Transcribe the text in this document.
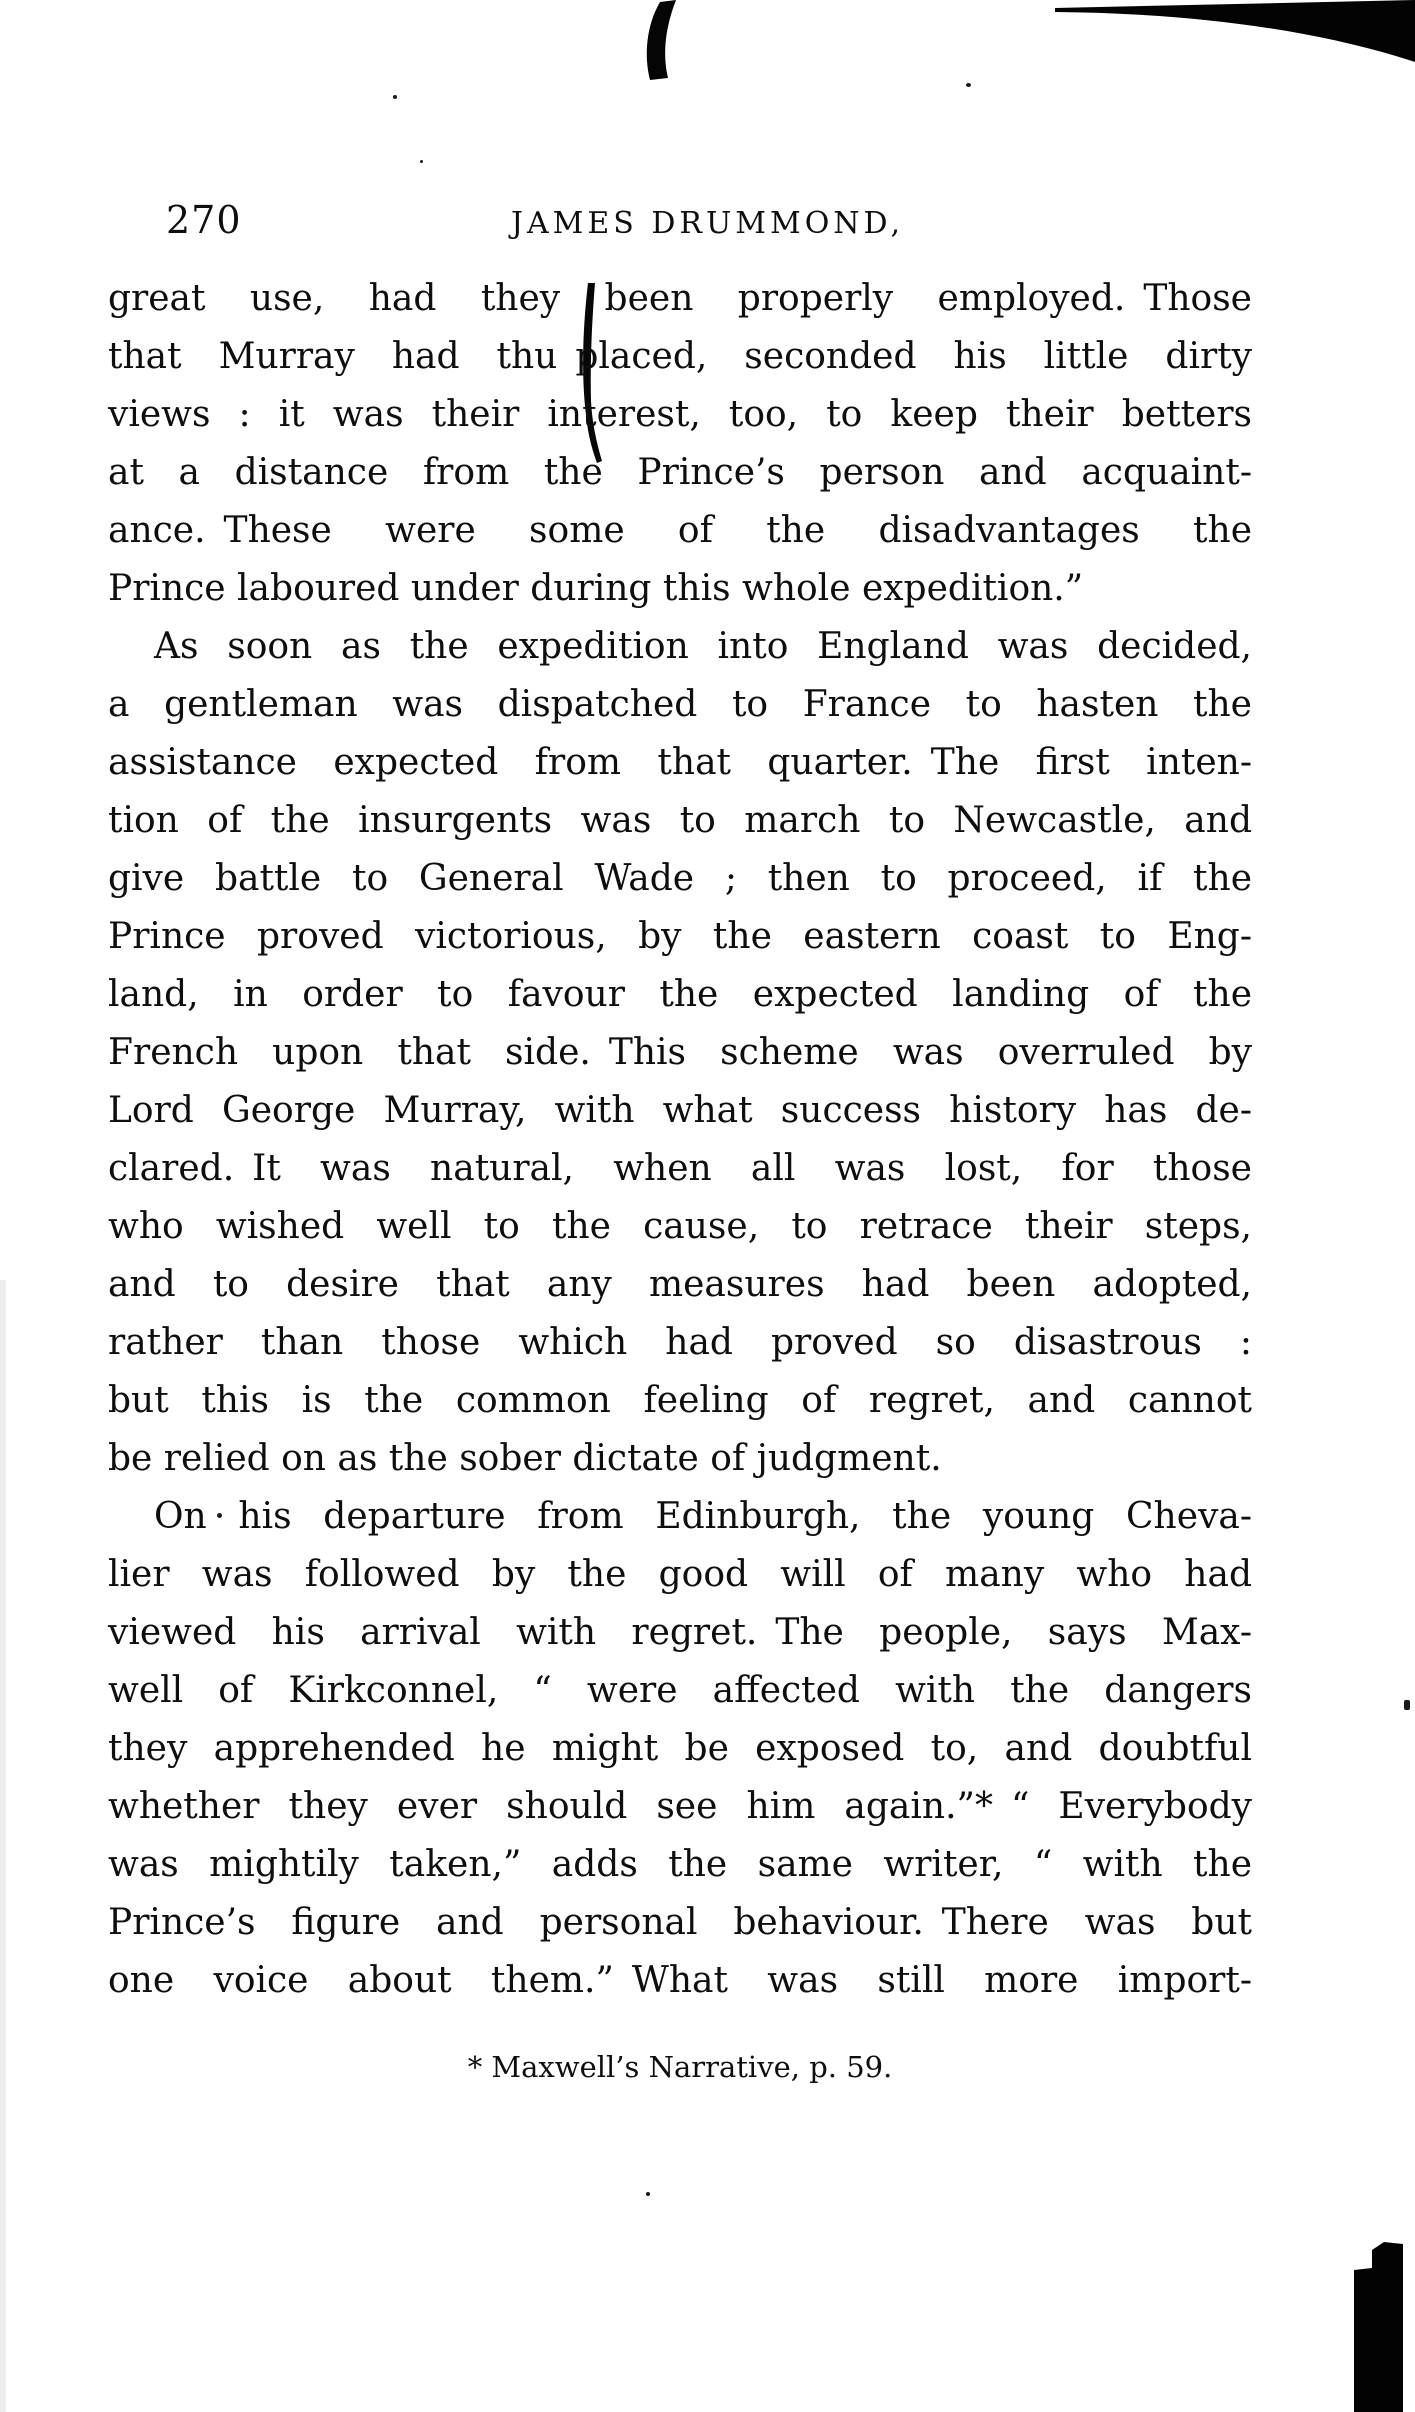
270	JAMES DRUMMOND,
great use, had they been properly employed. Those
that Murray had thu placed, seconded his little dirty
views : it was their interest, too, to keep their betters
at a distance from the Prince’s person and acquaint-
ance. These were some of the disadvantages the
Prince laboured under during this whole expedition.”
As soon as the expedition into England was decided,
a gentleman was dispatched to France to hasten the
assistance expected from that quarter. The first inten-
tion of the insurgents was to march to Newcastle, and
give battle to General Wade ; then to proceed, if the
Prince proved victorious, by the eastern coast to Eng-
land, in order to favour the expected landing of the
French upon that side. This scheme was overruled by
Lord George Murray, with what success history has de-
clared. It was natural, when all was lost, for those
who wished well to the cause, to retrace their steps,
and to desire that any measures had been adopted,
rather than those which had proved so disastrous :
but this is the common feeling of regret, and cannot
be relied on as the sober dictate of judgment.
On his departure from Edinburgh, the young Cheva-
lier was followed by the good will of many who had
viewed his arrival with regret. The people, says Max-
well of Kirkconnel, “ were affected with the dangers
they apprehended he might be exposed to, and doubtful
whether they ever should see him again.”* “ Everybody
was mightily taken,” adds the same writer, “ with the
Prince’s figure and personal behaviour. There was but
one voice about them.” What was still more import-
* Maxwell’s Narrative, p. 59.
